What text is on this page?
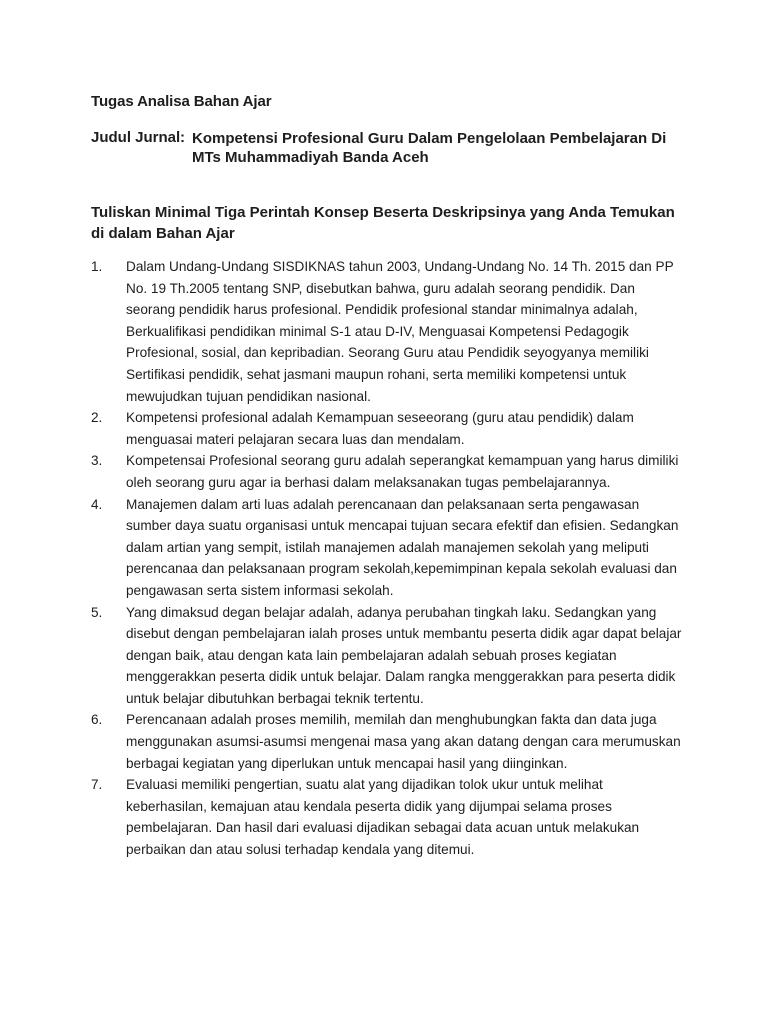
Tugas Analisa Bahan Ajar
Judul Jurnal : Kompetensi Profesional Guru Dalam Pengelolaan Pembelajaran Di MTs Muhammadiyah Banda Aceh
Tuliskan Minimal Tiga Perintah Konsep Beserta Deskripsinya yang Anda Temukan di dalam Bahan Ajar
1. Dalam Undang-Undang SISDIKNAS tahun 2003, Undang-Undang No. 14 Th. 2015 dan PP No. 19 Th.2005 tentang SNP, disebutkan bahwa, guru adalah seorang pendidik. Dan seorang pendidik harus profesional. Pendidik profesional standar minimalnya adalah, Berkualifikasi pendidikan minimal S-1 atau D-IV, Menguasai Kompetensi Pedagogik Profesional, sosial, dan kepribadian. Seorang Guru atau Pendidik seyogyanya memiliki Sertifikasi pendidik, sehat jasmani maupun rohani, serta memiliki kompetensi untuk mewujudkan tujuan pendidikan nasional.
2. Kompetensi profesional adalah Kemampuan seseeorang (guru atau pendidik) dalam menguasai materi pelajaran secara luas dan mendalam.
3. Kompetensai Profesional seorang guru adalah seperangkat kemampuan yang harus dimiliki oleh seorang guru agar ia berhasi dalam melaksanakan tugas pembelajarannya.
4. Manajemen dalam arti luas adalah perencanaan dan pelaksanaan serta pengawasan sumber daya suatu organisasi untuk mencapai tujuan secara efektif dan efisien. Sedangkan dalam artian yang sempit, istilah manajemen adalah manajemen sekolah yang meliputi perencanaa dan pelaksanaan program sekolah,kepemimpinan kepala sekolah evaluasi dan pengawasan serta sistem informasi sekolah.
5. Yang dimaksud degan belajar adalah, adanya perubahan tingkah laku. Sedangkan yang disebut dengan pembelajaran ialah proses untuk membantu peserta didik agar dapat belajar dengan baik, atau dengan kata lain pembelajaran adalah sebuah proses kegiatan menggerakkan peserta didik untuk belajar. Dalam rangka menggerakkan para peserta didik untuk belajar dibutuhkan berbagai teknik tertentu.
6. Perencanaan adalah proses memilih, memilah dan menghubungkan fakta dan data juga menggunakan asumsi-asumsi mengenai masa yang akan datang dengan cara merumuskan berbagai kegiatan yang diperlukan untuk mencapai hasil yang diinginkan.
7. Evaluasi memiliki pengertian, suatu alat yang dijadikan tolok ukur untuk melihat keberhasilan, kemajuan atau kendala peserta didik yang dijumpai selama proses pembelajaran. Dan hasil dari evaluasi dijadikan sebagai data acuan untuk melakukan perbaikan dan atau solusi terhadap kendala yang ditemui.
